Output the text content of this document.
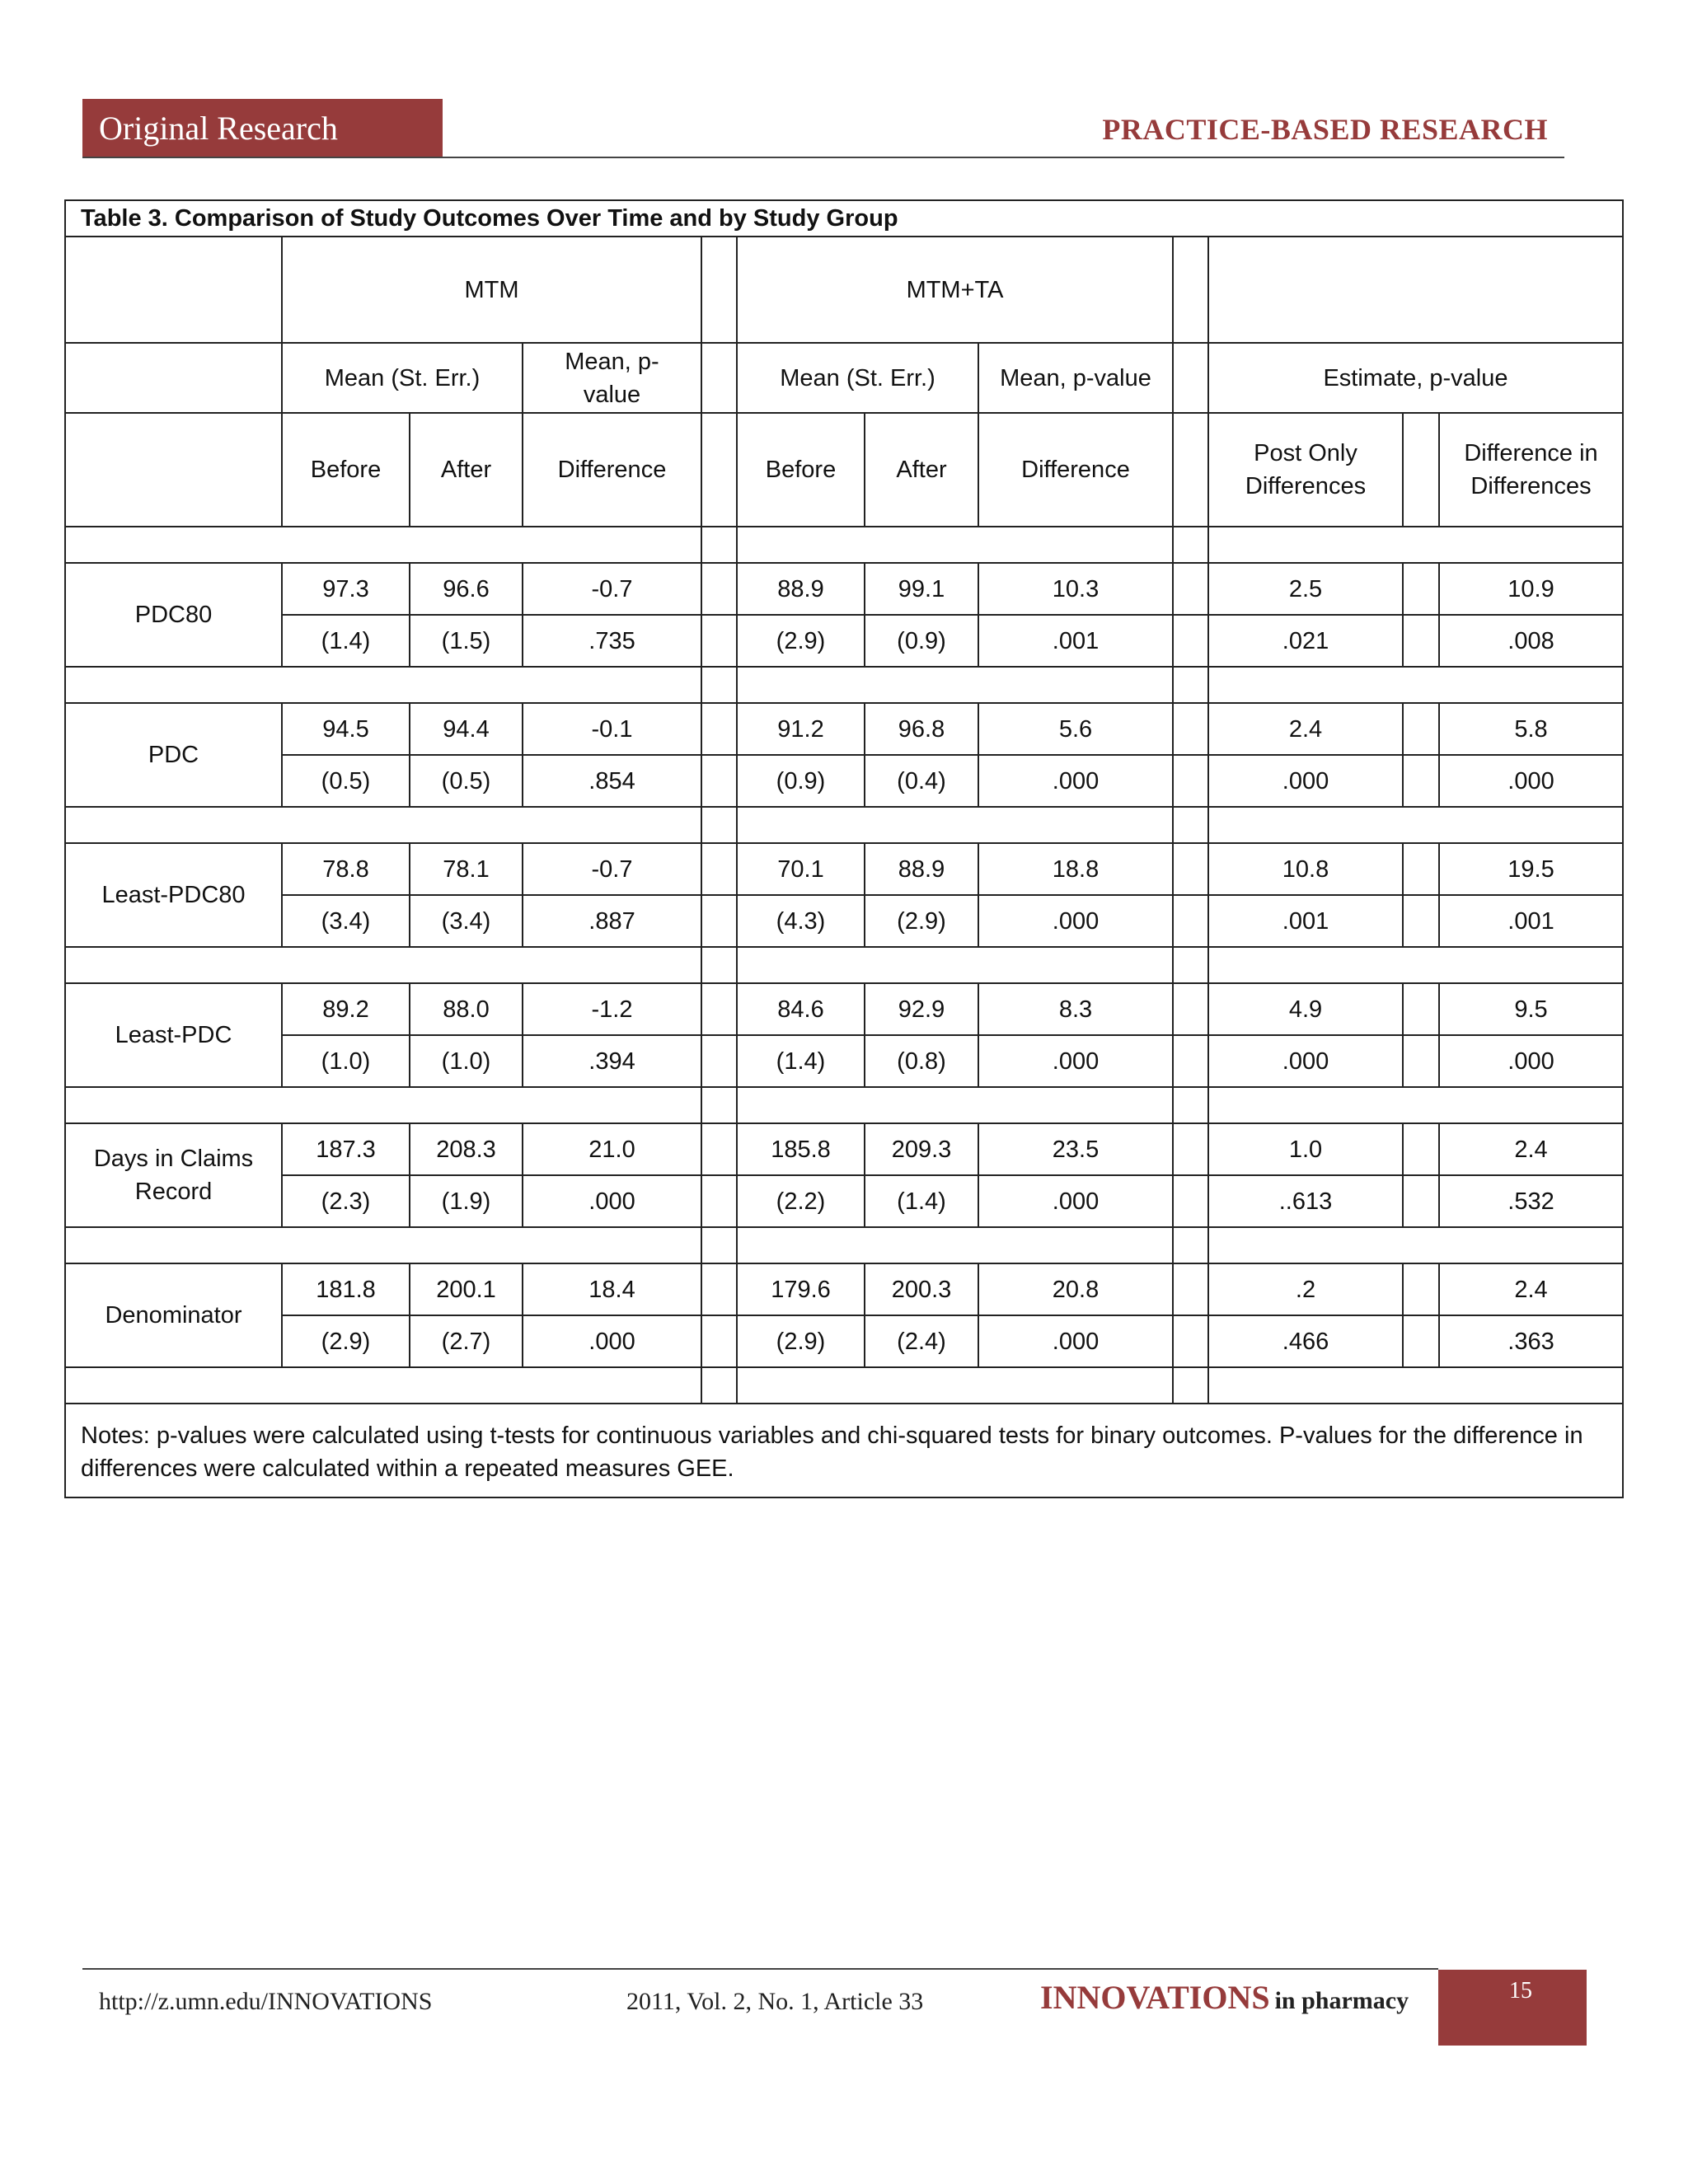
Original Research	PRACTICE-BASED RESEARCH
Table 3. Comparison of Study Outcomes Over Time and by Study Group											
	MTM				MTM+TA						
	Mean (St. Err.)		Mean, p-value		Mean (St. Err.)		Mean, p-value		Estimate, p-value		
	Before	After	Difference		Before	After	Difference		Post Only Differences		Difference in Differences

PDC80	97.3	96.6	-0.7		88.9	99.1	10.3		2.5		10.9
	(1.4)	(1.5)	.735		(2.9)	(0.9)	.001		.021		.008

PDC	94.5	94.4	-0.1		91.2	96.8	5.6		2.4		5.8
	(0.5)	(0.5)	.854		(0.9)	(0.4)	.000		.000		.000

Least-PDC80	78.8	78.1	-0.7		70.1	88.9	18.8		10.8		19.5
	(3.4)	(3.4)	.887		(4.3)	(2.9)	.000		.001		.001

Least-PDC	89.2	88.0	-1.2		84.6	92.9	8.3		4.9		9.5
	(1.0)	(1.0)	.394		(1.4)	(0.8)	.000		.000		.000

Days in Claims Record	187.3	208.3	21.0		185.8	209.3	23.5		1.0		2.4
	(2.3)	(1.9)	.000		(2.2)	(1.4)	.000		..613		.532

Denominator	181.8	200.1	18.4		179.6	200.3	20.8		.2		2.4
	(2.9)	(2.7)	.000		(2.9)	(2.4)	.000		.466		.363

Notes: p-values were calculated using t-tests for continuous variables and chi-squared tests for binary outcomes. P-values for the difference in differences were calculated within a repeated measures GEE.											
http://z.umn.edu/INNOVATIONS	2011, Vol. 2, No. 1, Article 33	INNOVATIONS in pharmacy	15
